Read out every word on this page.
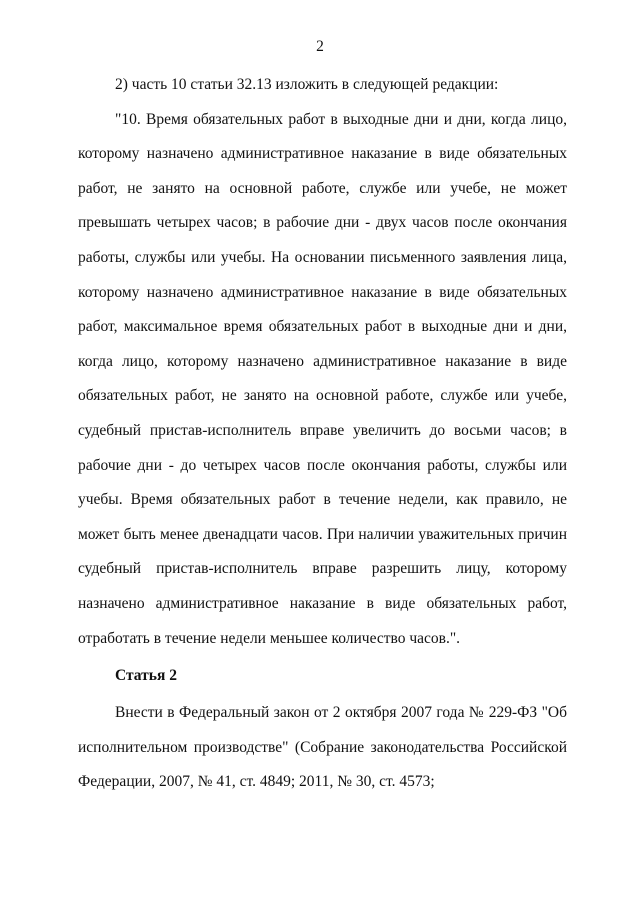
2

2) часть 10 статьи 32.13 изложить в следующей редакции:

"10. Время обязательных работ в выходные дни и дни, когда лицо, которому назначено административное наказание в виде обязательных работ, не занято на основной работе, службе или учебе, не может превышать четырех часов; в рабочие дни - двух часов после окончания работы, службы или учебы. На основании письменного заявления лица, которому назначено административное наказание в виде обязательных работ, максимальное время обязательных работ в выходные дни и дни, когда лицо, которому назначено административное наказание в виде обязательных работ, не занято на основной работе, службе или учебе, судебный пристав-исполнитель вправе увеличить до восьми часов; в рабочие дни - до четырех часов после окончания работы, службы или учебы. Время обязательных работ в течение недели, как правило, не может быть менее двенадцати часов. При наличии уважительных причин судебный пристав-исполнитель вправе разрешить лицу, которому назначено административное наказание в виде обязательных работ, отработать в течение недели меньшее количество часов.".

Статья 2

Внести в Федеральный закон от 2 октября 2007 года № 229-ФЗ "Об исполнительном производстве" (Собрание законодательства Российской Федерации, 2007, № 41, ст. 4849; 2011, № 30, ст. 4573;
